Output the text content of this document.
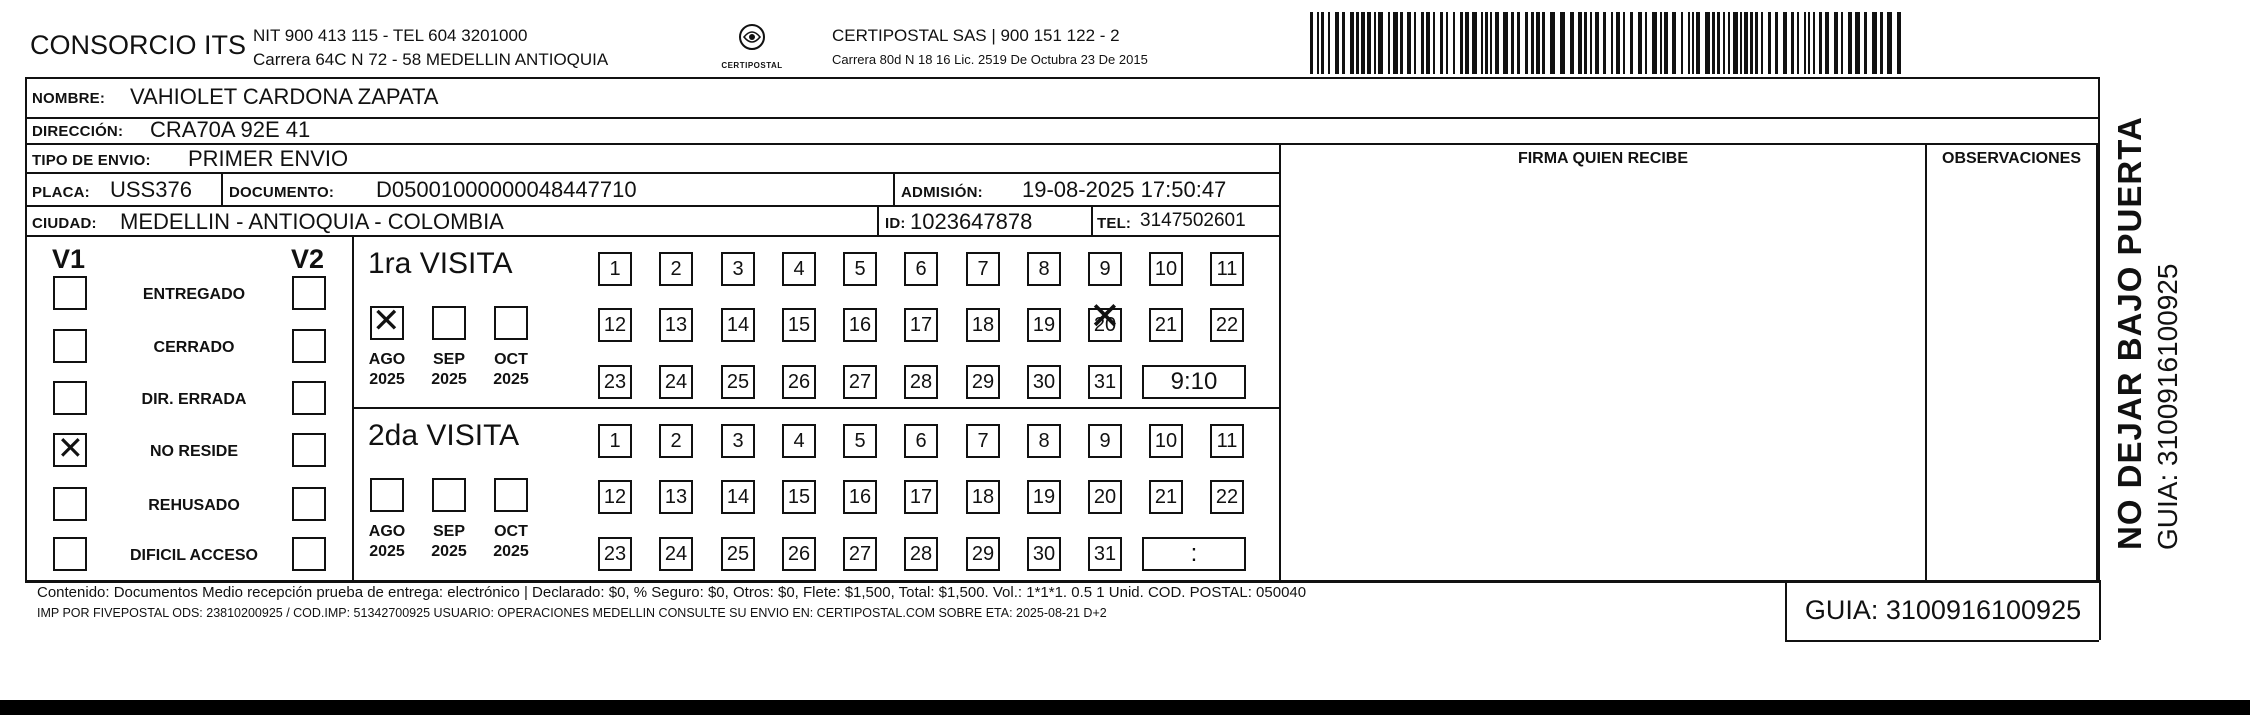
CONSORCIO ITS NIT 900 413 115 - TEL 604 3201000
Carrera 64C N 72 - 58 MEDELLIN ANTIOQUIA	CERTIPOSTAL
CERTIPOSTAL SAS | 900 151 122 - 2
Carrera 80d N 18 16 Lic. 2519 De Octubra 23 De 2015
NOMBRE: VAHIOLET CARDONA ZAPATA
DIRECCIÓN: CRA70A 92E 41
TIPO DE ENVIO: PRIMER ENVIO	FIRMA QUIEN RECIBE	OBSERVACIONES
PLACA: USS376 DOCUMENTO: D05001000000048447710	ADMISIÓN: 19-08-2025 17:50:47
CIUDAD: MEDELLIN - ANTIOQUIA - COLOMBIA	ID: 1023647878	TEL: 3147502601
V1	V2
ENTREGADO
CERRADO
DIR. ERRADA
✕
NO RESIDE
REHUSADO
DIFICIL ACCESO
1ra VISITA
✕
AGO
2025
SEP
2025
OCT
2025
1	2	3	4	5	6	7	8	9	10	11
12 13 14 15 16 17 18 19 20 ✕ 21 22
23 24 25 26 27 28 29 30 31	9:10
2da VISITA
AGO
2025
SEP
2025
OCT
2025
1	2	3	4	5	6	7	8	9	10	11
12 13 14 15 16 17 18 19 20 21 22
23 24 25 26 27 28 29 30 31	:
Contenido: Documentos Medio recepción prueba de entrega: electrónico | Declarado: $0, % Seguro: $0, Otros: $0, Flete: $1,500, Total: $1,500. Vol.: 1*1*1. 0.5 1 Unid. COD. POSTAL: 050040
IMP POR FIVEPOSTAL ODS: 23810200925 / COD.IMP: 51342700925 USUARIO: OPERACIONES MEDELLIN CONSULTE SU ENVIO EN: CERTIPOSTAL.COM SOBRE ETA: 2025-08-21 D+2	GUIA: 3100916100925
NO DEJAR BAJO PUERTA GUIA: 3100916100925
